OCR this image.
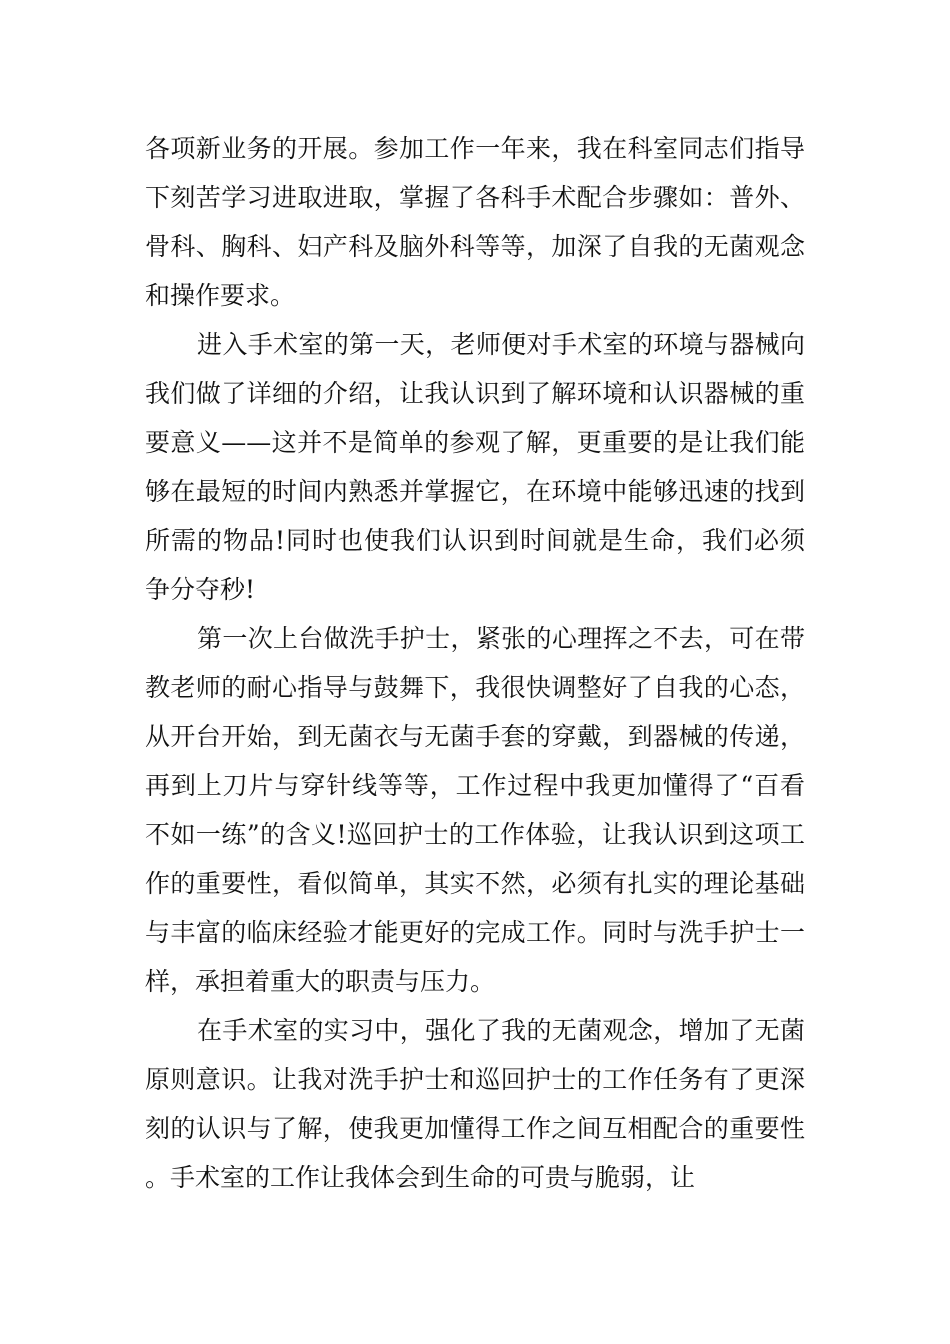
各项新业务的开展。参加工作一年来，我在科室同志们指导下刻苦学习进取进取，掌握了各科手术配合步骤如：普外、骨科、胸科、妇产科及脑外科等等，加深了自我的无菌观念和操作要求。

进入手术室的第一天，老师便对手术室的环境与器械向我们做了详细的介绍，让我认识到了解环境和认识器械的重要意义——这并不是简单的参观了解，更重要的是让我们能够在最短的时间内熟悉并掌握它，在环境中能够迅速的找到所需的物品!同时也使我们认识到时间就是生命，我们必须争分夺秒!

第一次上台做洗手护士，紧张的心理挥之不去，可在带教老师的耐心指导与鼓舞下，我很快调整好了自我的心态，从开台开始，到无菌衣与无菌手套的穿戴，到器械的传递，再到上刀片与穿针线等等，工作过程中我更加懂得了“百看不如一练”的含义!巡回护士的工作体验，让我认识到这项工作的重要性，看似简单，其实不然，必须有扎实的理论基础与丰富的临床经验才能更好的完成工作。同时与洗手护士一样，承担着重大的职责与压力。

在手术室的实习中，强化了我的无菌观念，增加了无菌原则意识。让我对洗手护士和巡回护士的工作任务有了更深刻的认识与了解，使我更加懂得工作之间互相配合的重要性。手术室的工作让我体会到生命的可贵与脆弱，让
